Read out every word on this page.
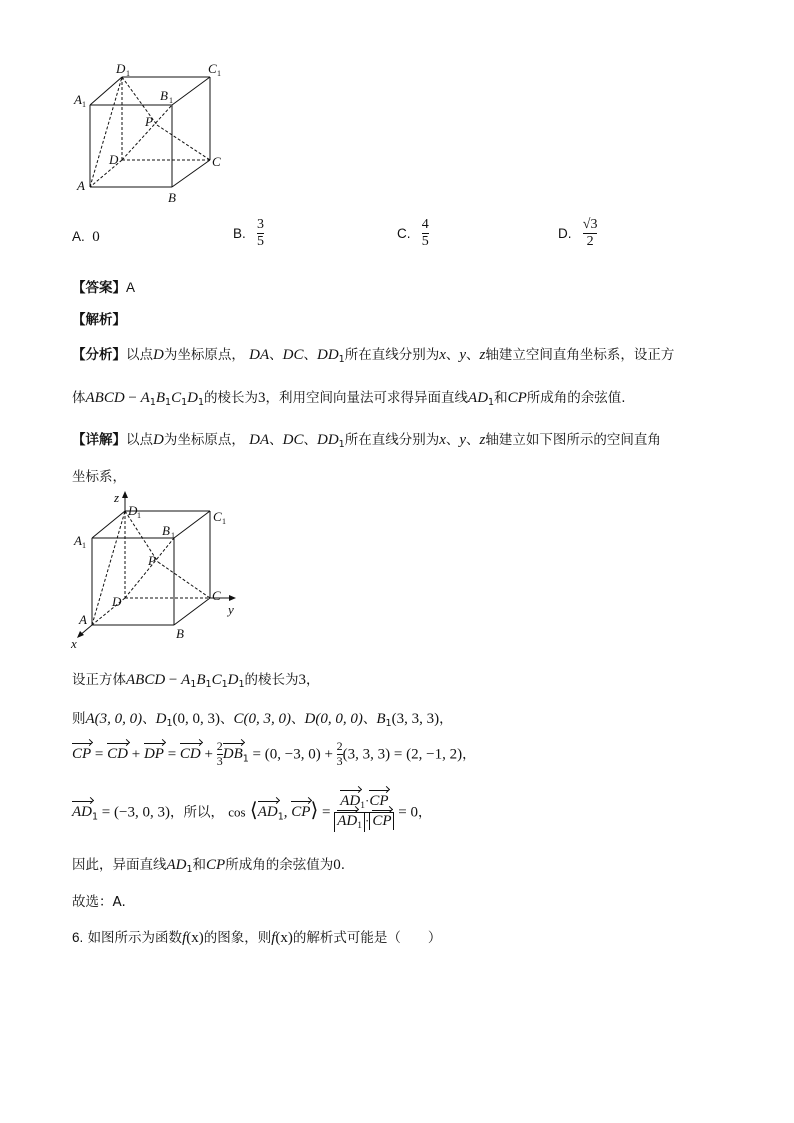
D 1	C 1
A 1
B 1
P
D	C
A
B
A. 0	B. $\frac{3}{5}$	C. $\frac{4}{5}$	D. $\frac{√3}{2}$
【答案】A
【解析】
【分析】以点D为坐标原点， DA、DC、$DD_1$所在直线分别为x、y、z轴建立空间直角坐标系，设正方
体ABCD − $A_1B_1C_1D_1$的棱长为3，利用空间向量法可求得异面直线$AD_1$和CP所成角的余弦值.
【详解】以点D为坐标原点， DA、DC、$DD_1$所在直线分别为x、y、z轴建立如下图所示的空间直角
坐标系，
z
y
x
D 1	C 1
A 1
B 1
P
D	C
A
B
设正方体ABCD − $A_1B_1C_1D_1$的棱长为3，
则A(3, 0, 0)、$D_1(0$, 0, 3)、C(0, 3, 0)、D(0, 0, 0)、$B_1(3$, 3, 3)，
CP = CD + DP = CD + $\frac{2}{3} DB_1 = (0$, −3, $0) + \frac{2}{3} (3$, 3, 3) = (2, −1, 2)，
$AD_1 = (-3$, 0, 3)，所以， $\cos ⟨AD_1$, CP⟩ = $\frac{AD_1\cdot CP}{AD_1 \cdot CP} = 0$，
因此，异面直线$AD_1$和CP所成角的余弦值为0.
故选：A.
6. 如图所示为函数f(x)的图象，则f(x)的解析式可能是（　　）
